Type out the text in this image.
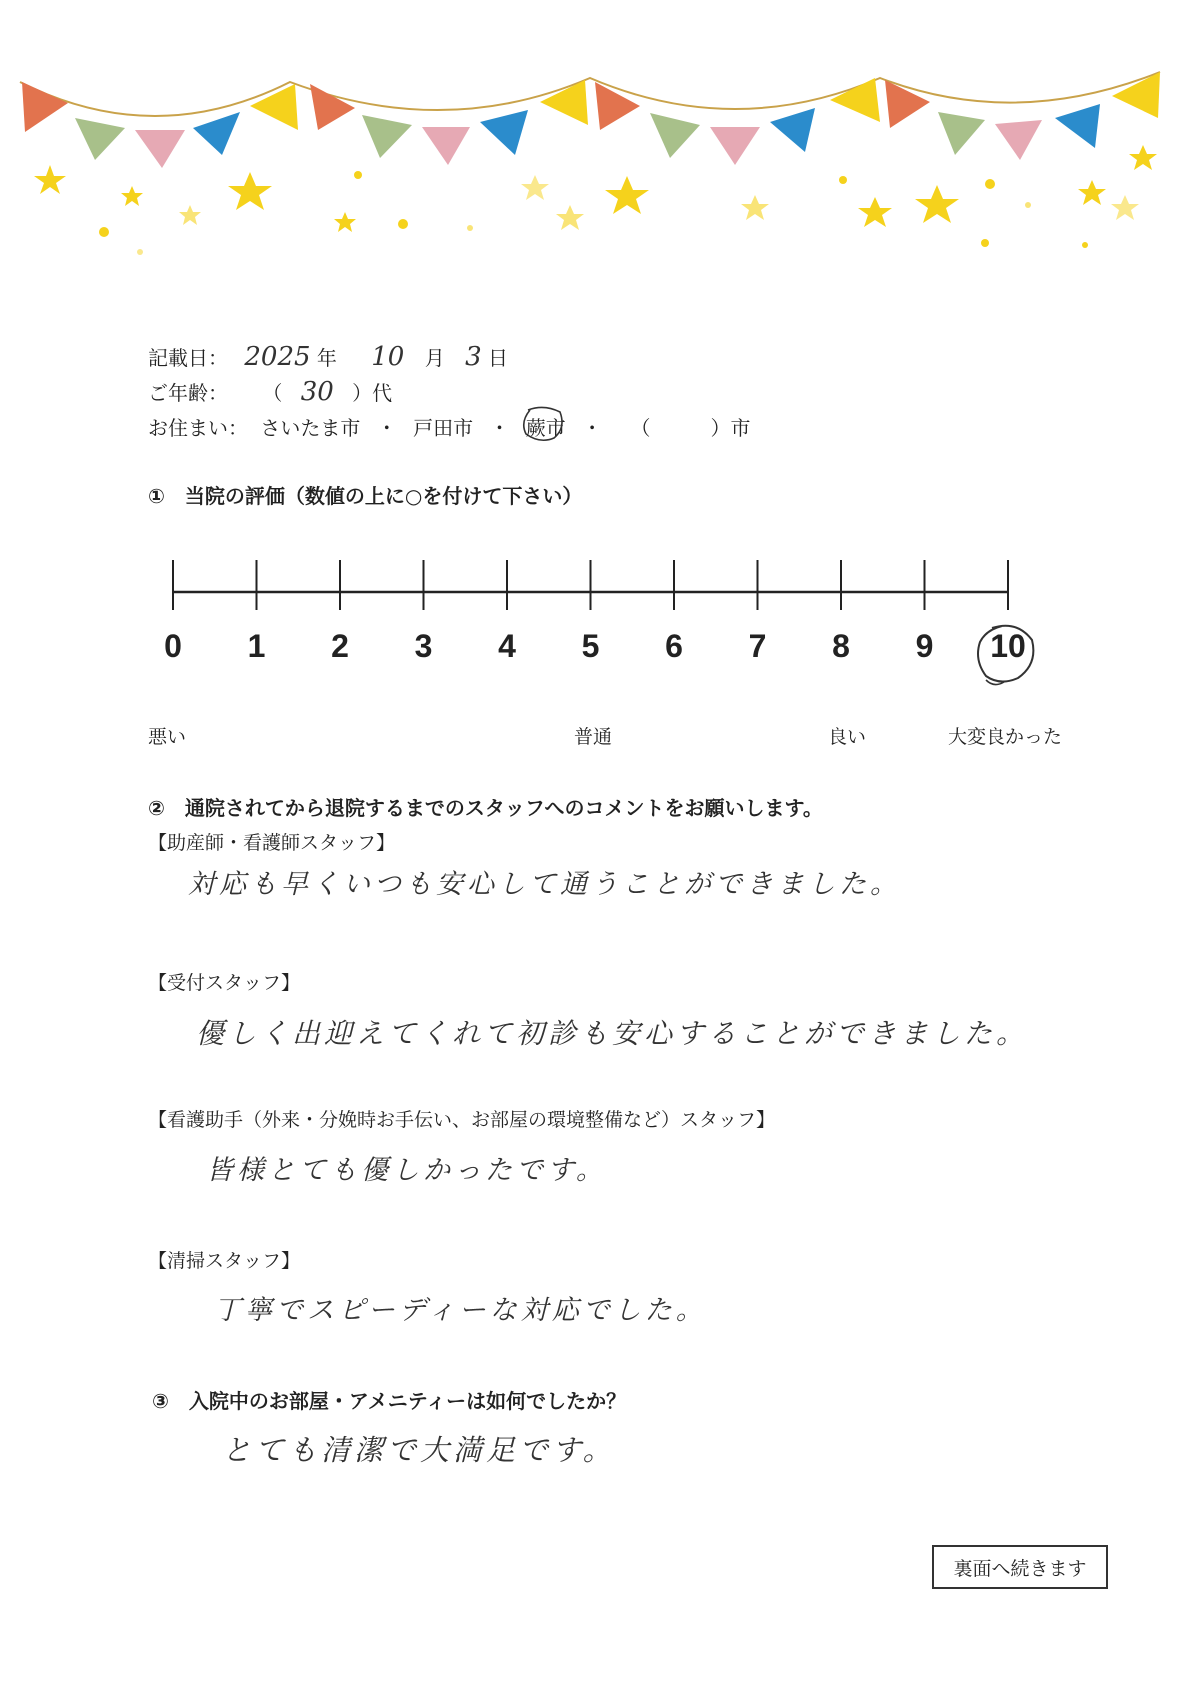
記載日： 2025 年 10 月 3 日
ご年齢： （ 30 ）代
お住まい： さいたま市 ・ 戸田市 ・ 蕨市 ・ （　　　）市
①　当院の評価（数値の上に○を付けて下さい）
0	1	2	3	4	5	6	7	8	9	10
悪い	普通	良い	大変良かった
②　通院されてから退院するまでのスタッフへのコメントをお願いします。
【助産師・看護師スタッフ】
対応も早くいつも安心して通うことができました。
【受付スタッフ】
優しく出迎えてくれて初診も安心することができました。
【看護助手（外来・分娩時お手伝い、お部屋の環境整備など）スタッフ】
皆様とても優しかったです。
【清掃スタッフ】
丁寧でスピーディーな対応でした。
③　入院中のお部屋・アメニティーは如何でしたか？
とても清潔で大満足です。
裏面へ続きます
